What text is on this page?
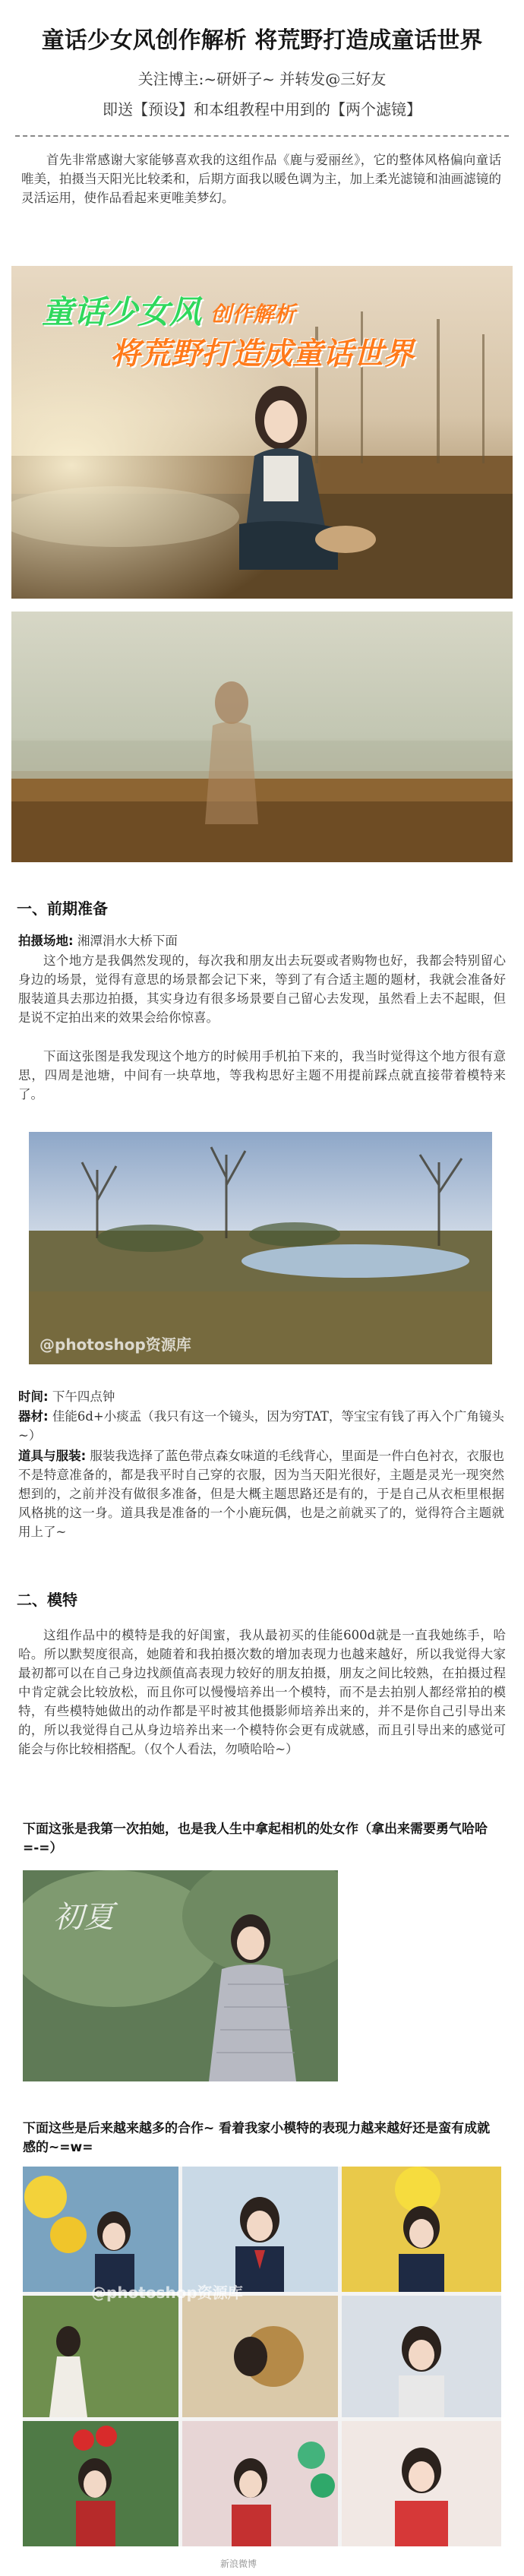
童话少女风创作解析 将荒野打造成童话世界
关注博主:~研妍子~ 并转发@三好友
即送【预设】和本组教程中用到的【两个滤镜】

首先非常感谢大家能够喜欢我的这组作品《鹿与爱丽丝》，它的整体风格偏向童话唯美，拍摄当天阳光比较柔和，后期方面我以暖色调为主，加上柔光滤镜和油画滤镜的灵活运用，使作品看起来更唯美梦幻。

童话少女风 创作解析
将荒野打造成童话世界
一、前期准备
拍摄场地: 湘潭涓水大桥下面

这个地方是我偶然发现的，每次我和朋友出去玩耍或者购物也好，我都会特别留心身边的场景，觉得有意思的场景都会记下来，等到了有合适主题的题材，我就会准备好服装道具去那边拍摄，其实身边有很多场景要自己留心去发现，虽然看上去不起眼，但是说不定拍出来的效果会给你惊喜。

下面这张图是我发现这个地方的时候用手机拍下来的，我当时觉得这个地方很有意思，四周是池塘，中间有一块草地，等我构思好主题不用提前踩点就直接带着模特来了。

@photoshop资源库
时间: 下午四点钟
器材: 佳能6d+小痰盂（我只有这一个镜头，因为穷TAT，等宝宝有钱了再入个广角镜头~）
道具与服装: 服装我选择了蓝色带点森女味道的毛线背心，里面是一件白色衬衣，衣服也不是特意准备的，都是我平时自己穿的衣服，因为当天阳光很好，主题是灵光一现突然想到的，之前并没有做很多准备，但是大概主题思路还是有的，于是自己从衣柜里根据风格挑的这一身。道具我是准备的一个小鹿玩偶，也是之前就买了的，觉得符合主题就用上了~
二、模特

这组作品中的模特是我的好闺蜜，我从最初买的佳能600d就是一直我她练手，哈哈。所以默契度很高，她随着和我拍摄次数的增加表现力也越来越好，所以我觉得大家最初都可以在自己身边找颜值高表现力较好的朋友拍摄，朋友之间比较熟，在拍摄过程中肯定就会比较放松，而且你可以慢慢培养出一个模特，而不是去拍别人都经常拍的模特，有些模特她做出的动作都是平时被其他摄影师培养出来的，并不是你自己引导出来的，所以我觉得自己从身边培养出来一个模特你会更有成就感，而且引导出来的感觉可能会与你比较相搭配。（仅个人看法，勿喷哈哈~）

下面这张是我第一次拍她，也是我人生中拿起相机的处女作（拿出来需要勇气哈哈=-=）
初夏
下面这些是后来越来越多的合作~ 看着我家小模特的表现力越来越好还是蛮有成就感的~=w=
@photoshop资源库
新浪微博
